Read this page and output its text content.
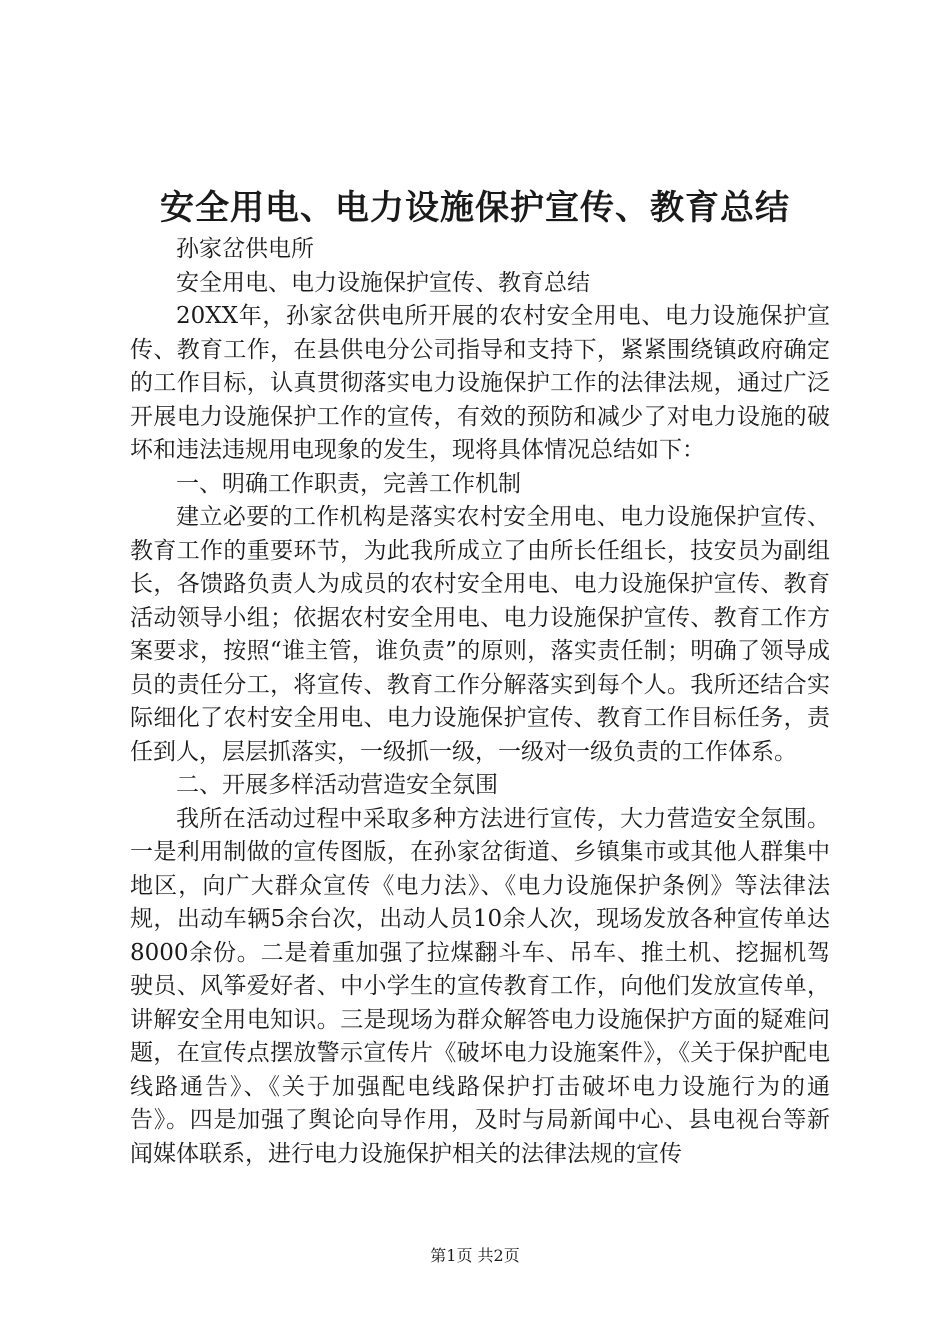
安全用电、电力设施保护宣传、教育总结

孙家岔供电所

安全用电、电力设施保护宣传、教育总结

20XX年，孙家岔供电所开展的农村安全用电、电力设施保护宣传、教育工作，在县供电分公司指导和支持下，紧紧围绕镇政府确定的工作目标，认真贯彻落实电力设施保护工作的法律法规，通过广泛开展电力设施保护工作的宣传，有效的预防和减少了对电力设施的破坏和违法违规用电现象的发生，现将具体情况总结如下：

一、明确工作职责，完善工作机制

建立必要的工作机构是落实农村安全用电、电力设施保护宣传、教育工作的重要环节，为此我所成立了由所长任组长，技安员为副组长，各馈路负责人为成员的农村安全用电、电力设施保护宣传、教育活动领导小组；依据农村安全用电、电力设施保护宣传、教育工作方案要求，按照“谁主管，谁负责”的原则，落实责任制；明确了领导成员的责任分工，将宣传、教育工作分解落实到每个人。我所还结合实际细化了农村安全用电、电力设施保护宣传、教育工作目标任务，责任到人，层层抓落实，一级抓一级，一级对一级负责的工作体系。

二、开展多样活动营造安全氛围

我所在活动过程中采取多种方法进行宣传，大力营造安全氛围。一是利用制做的宣传图版，在孙家岔街道、乡镇集市或其他人群集中地区，向广大群众宣传《电力法》、《电力设施保护条例》等法律法规，出动车辆5余台次，出动人员10余人次，现场发放各种宣传单达8000余份。二是着重加强了拉煤翻斗车、吊车、推土机、挖掘机驾驶员、风筝爱好者、中小学生的宣传教育工作，向他们发放宣传单，讲解安全用电知识。三是现场为群众解答电力设施保护方面的疑难问题，在宣传点摆放警示宣传片《破坏电力设施案件》，《关于保护配电线路通告》、《关于加强配电线路保护打击破坏电力设施行为的通告》。四是加强了舆论向导作用，及时与局新闻中心、县电视台等新闻媒体联系，进行电力设施保护相关的法律法规的宣传

第1页 共2页
